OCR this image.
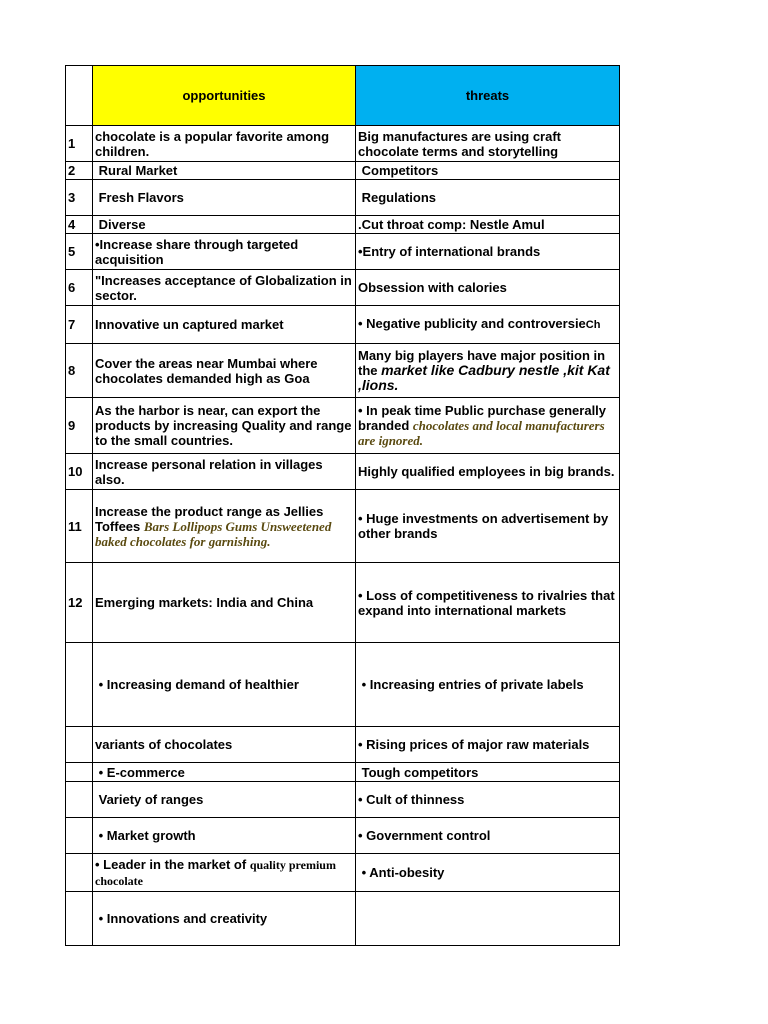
	opportunities	threats
1	chocolate is a popular favorite among children.	Big manufactures are using craft chocolate terms and storytelling
2	Rural Market	Competitors
3	Fresh Flavors	Regulations
4	Diverse	.Cut throat comp: Nestle Amul
5	•Increase share through targeted acquisition	•Entry of international brands
6	"Increases acceptance of Globalization in sector.	Obsession with calories
7	Innovative un captured market	• Negative publicity and controversieCh
8	Cover the areas near Mumbai where chocolates demanded high as Goa	Many big players have major position in the market like Cadbury nestle ,kit Kat ,lions.
9	As the harbor is near, can export the products by increasing Quality and range to the small countries.	• In peak time Public purchase generally branded chocolates and local manufacturers are ignored.
10	Increase personal relation in villages also.	Highly qualified employees in big brands.
11	Increase the product range as Jellies Toffees Bars Lollipops Gums Unsweetened baked chocolates for garnishing.	• Huge investments on advertisement by other brands
12	Emerging markets: India and China	• Loss of competitiveness to rivalries that expand into international markets
	• Increasing demand of healthier	• Increasing entries of private labels
	variants of chocolates	• Rising prices of major raw materials
	• E-commerce	Tough competitors
	Variety of ranges	• Cult of thinness
	• Market growth	• Government control
	• Leader in the market of quality premium chocolate	• Anti-obesity
	• Innovations and creativity	
